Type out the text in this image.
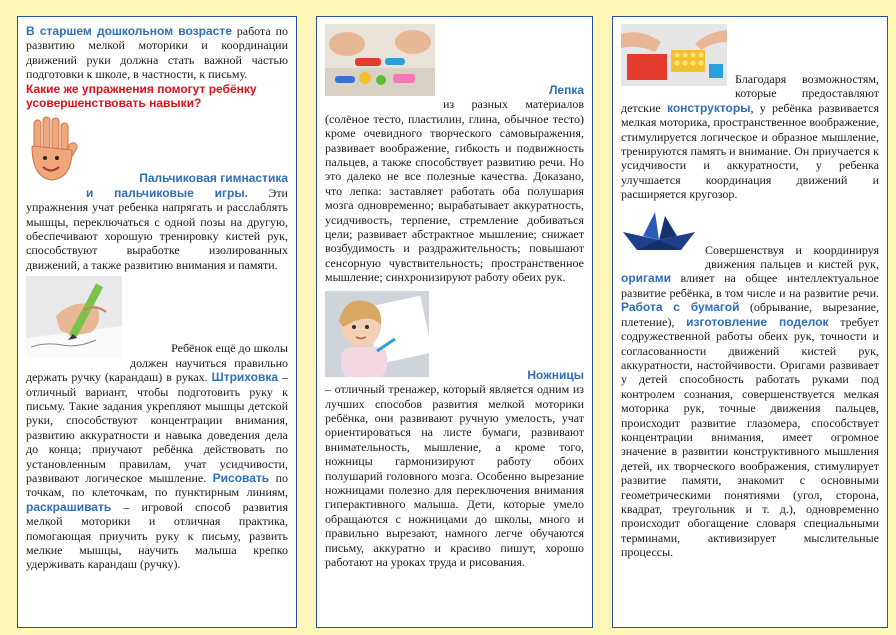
В старшем дошкольном возрасте работа по развитию мелкой моторики и координации движений руки должна стать важной частью подготовки к школе, в частности, к письму.

Какие же упражнения помогут ребёнку усовершенствовать навыки?

Пальчиковая гимнастика
и пальчиковые игры. Эти упражнения учат ребенка напрягать и расслаблять мышцы, переключаться с одной позы на другую, обеспечивают хорошую тренировку кистей рук, способствуют выработке изолированных движений, а также развитию внимания и памяти.

Ребёнок ещё до школы
должен научиться правильно держать ручку (карандаш) в руках. Штриховка – отличный вариант, чтобы подготовить руку к письму. Такие задания укрепляют мышцы детской руки, способствуют концентрации внимания, развитию аккуратности и навыка доведения дела до конца; приучают ребёнка действовать по установленным правилам, учат усидчивости, развивают логическое мышление. Рисовать по точкам, по клеточкам, по пунктирным линиям, раскрашивать – игровой способ развития мелкой моторики и отличная практика, помогающая приучить руку к письму, развить мелкие мышцы, научить малыша крепко удерживать карандаш (ручку).

Лепка
из разных материалов (солёное тесто, пластилин, глина, обычное тесто) кроме очевидного творческого самовыражения, развивает воображение, гибкость и подвижность пальцев, а также способствует развитию речи. Но это далеко не все полезные качества. Доказано, что лепка: заставляет работать оба полушария мозга одновременно; вырабатывает аккуратность, усидчивость, терпение, стремление добиваться цели; развивает абстрактное мышление; снижает возбудимость и раздражительность; повышают сенсорную чувствительность; пространственное мышление; синхронизируют работу обеих рук.

Ножницы
– отличный тренажер, который является одним из лучших способов развития мелкой моторики ребёнка, они развивают ручную умелость, учат ориентироваться на листе бумаги, развивают внимательность, мышление, а кроме того, ножницы гармонизируют работу обоих полушарий головного мозга. Особенно вырезание ножницами полезно для переключения внимания гиперактивного малыша. Дети, которые умело обращаются с ножницами до школы, много и правильно вырезают, намного легче обучаются письму, аккуратно и красиво пишут, хорошо работают на уроках труда и рисования.

Благодаря возможностям, которые предоставляют детские конструкторы, у ребёнка развивается мелкая моторика, пространственное воображение, стимулируется логическое и образное мышление, тренируются память и внимание. Он приучается к усидчивости и аккуратности, у ребенка улучшается координация движений и расширяется кругозор.

Совершенствуя и координируя движения пальцев и кистей рук, оригами влияет на общее интеллектуальное развитие ребёнка, в том числе и на развитие речи. Работа с бумагой (обрывание, вырезание, плетение), изготовление поделок требует содружественной работы обеих рук, точности и согласованности движений кистей рук, аккуратности, настойчивости. Оригами развивает у детей способность работать руками под контролем сознания, совершенствуется мелкая моторика рук, точные движения пальцев, происходит развитие глазомера, способствует концентрации внимания, имеет огромное значение в развитии конструктивного мышления детей, их творческого воображения, стимулирует развитие памяти, знакомит с основными геометрическими понятиями (угол, сторона, квадрат, треугольник и т. д.), одновременно происходит обогащение словаря специальными терминами, активизирует мыслительные процессы.
